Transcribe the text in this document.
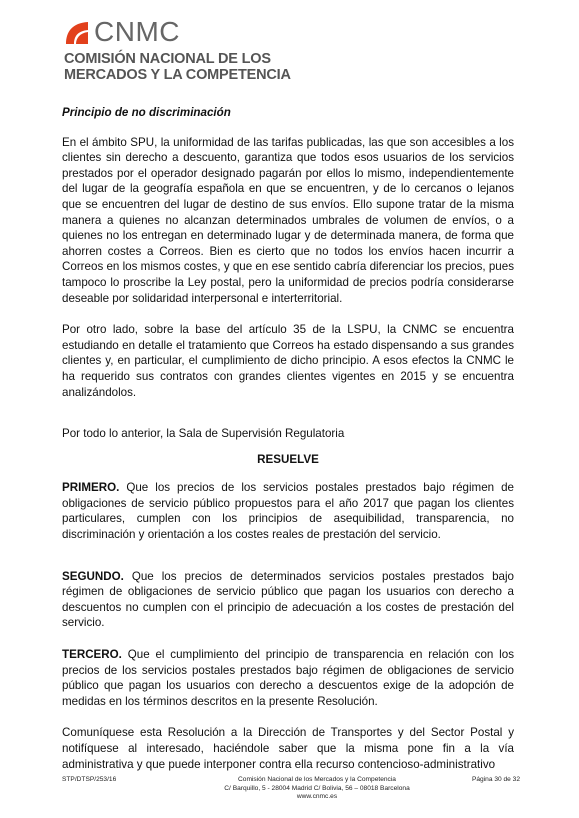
CNMC
COMISIÓN NACIONAL DE LOS
MERCADOS Y LA COMPETENCIA
Principio de no discriminación

En el ámbito SPU, la uniformidad de las tarifas publicadas, las que son accesibles a los clientes sin derecho a descuento, garantiza que todos esos usuarios de los servicios prestados por el operador designado pagarán por ellos lo mismo, independientemente del lugar de la geografía española en que se encuentren, y de lo cercanos o lejanos que se encuentren del lugar de destino de sus envíos. Ello supone tratar de la misma manera a quienes no alcanzan determinados umbrales de volumen de envíos, o a quienes no los entregan en determinado lugar y de determinada manera, de forma que ahorren costes a Correos. Bien es cierto que no todos los envíos hacen incurrir a Correos en los mismos costes, y que en ese sentido cabría diferenciar los precios, pues tampoco lo proscribe la Ley postal, pero la uniformidad de precios podría considerarse deseable por solidaridad interpersonal e interterritorial.

Por otro lado, sobre la base del artículo 35 de la LSPU, la CNMC se encuentra estudiando en detalle el tratamiento que Correos ha estado dispensando a sus grandes clientes y, en particular, el cumplimiento de dicho principio. A esos efectos la CNMC le ha requerido sus contratos con grandes clientes vigentes en 2015 y se encuentra analizándolos.

Por todo lo anterior, la Sala de Supervisión Regulatoria

RESUELVE

PRIMERO. Que los precios de los servicios postales prestados bajo régimen de obligaciones de servicio público propuestos para el año 2017 que pagan los clientes particulares, cumplen con los principios de asequibilidad, transparencia, no discriminación y orientación a los costes reales de prestación del servicio.

SEGUNDO. Que los precios de determinados servicios postales prestados bajo régimen de obligaciones de servicio público que pagan los usuarios con derecho a descuentos no cumplen con el principio de adecuación a los costes de prestación del servicio.

TERCERO. Que el cumplimiento del principio de transparencia en relación con los precios de los servicios postales prestados bajo régimen de obligaciones de servicio público que pagan los usuarios con derecho a descuentos exige de la adopción de medidas en los términos descritos en la presente Resolución.

Comuníquese esta Resolución a la Dirección de Transportes y del Sector Postal y notifíquese al interesado, haciéndole saber que la misma pone fin a la vía administrativa y que puede interponer contra ella recurso contencioso-administrativo

STP/DTSP/253/16	Comisión Nacional de los Mercados y la Competencia
C/ Barquillo, 5 - 28004 Madrid C/ Bolivia, 56 – 08018 Barcelona
www.cnmc.es
Página 30 de 32
